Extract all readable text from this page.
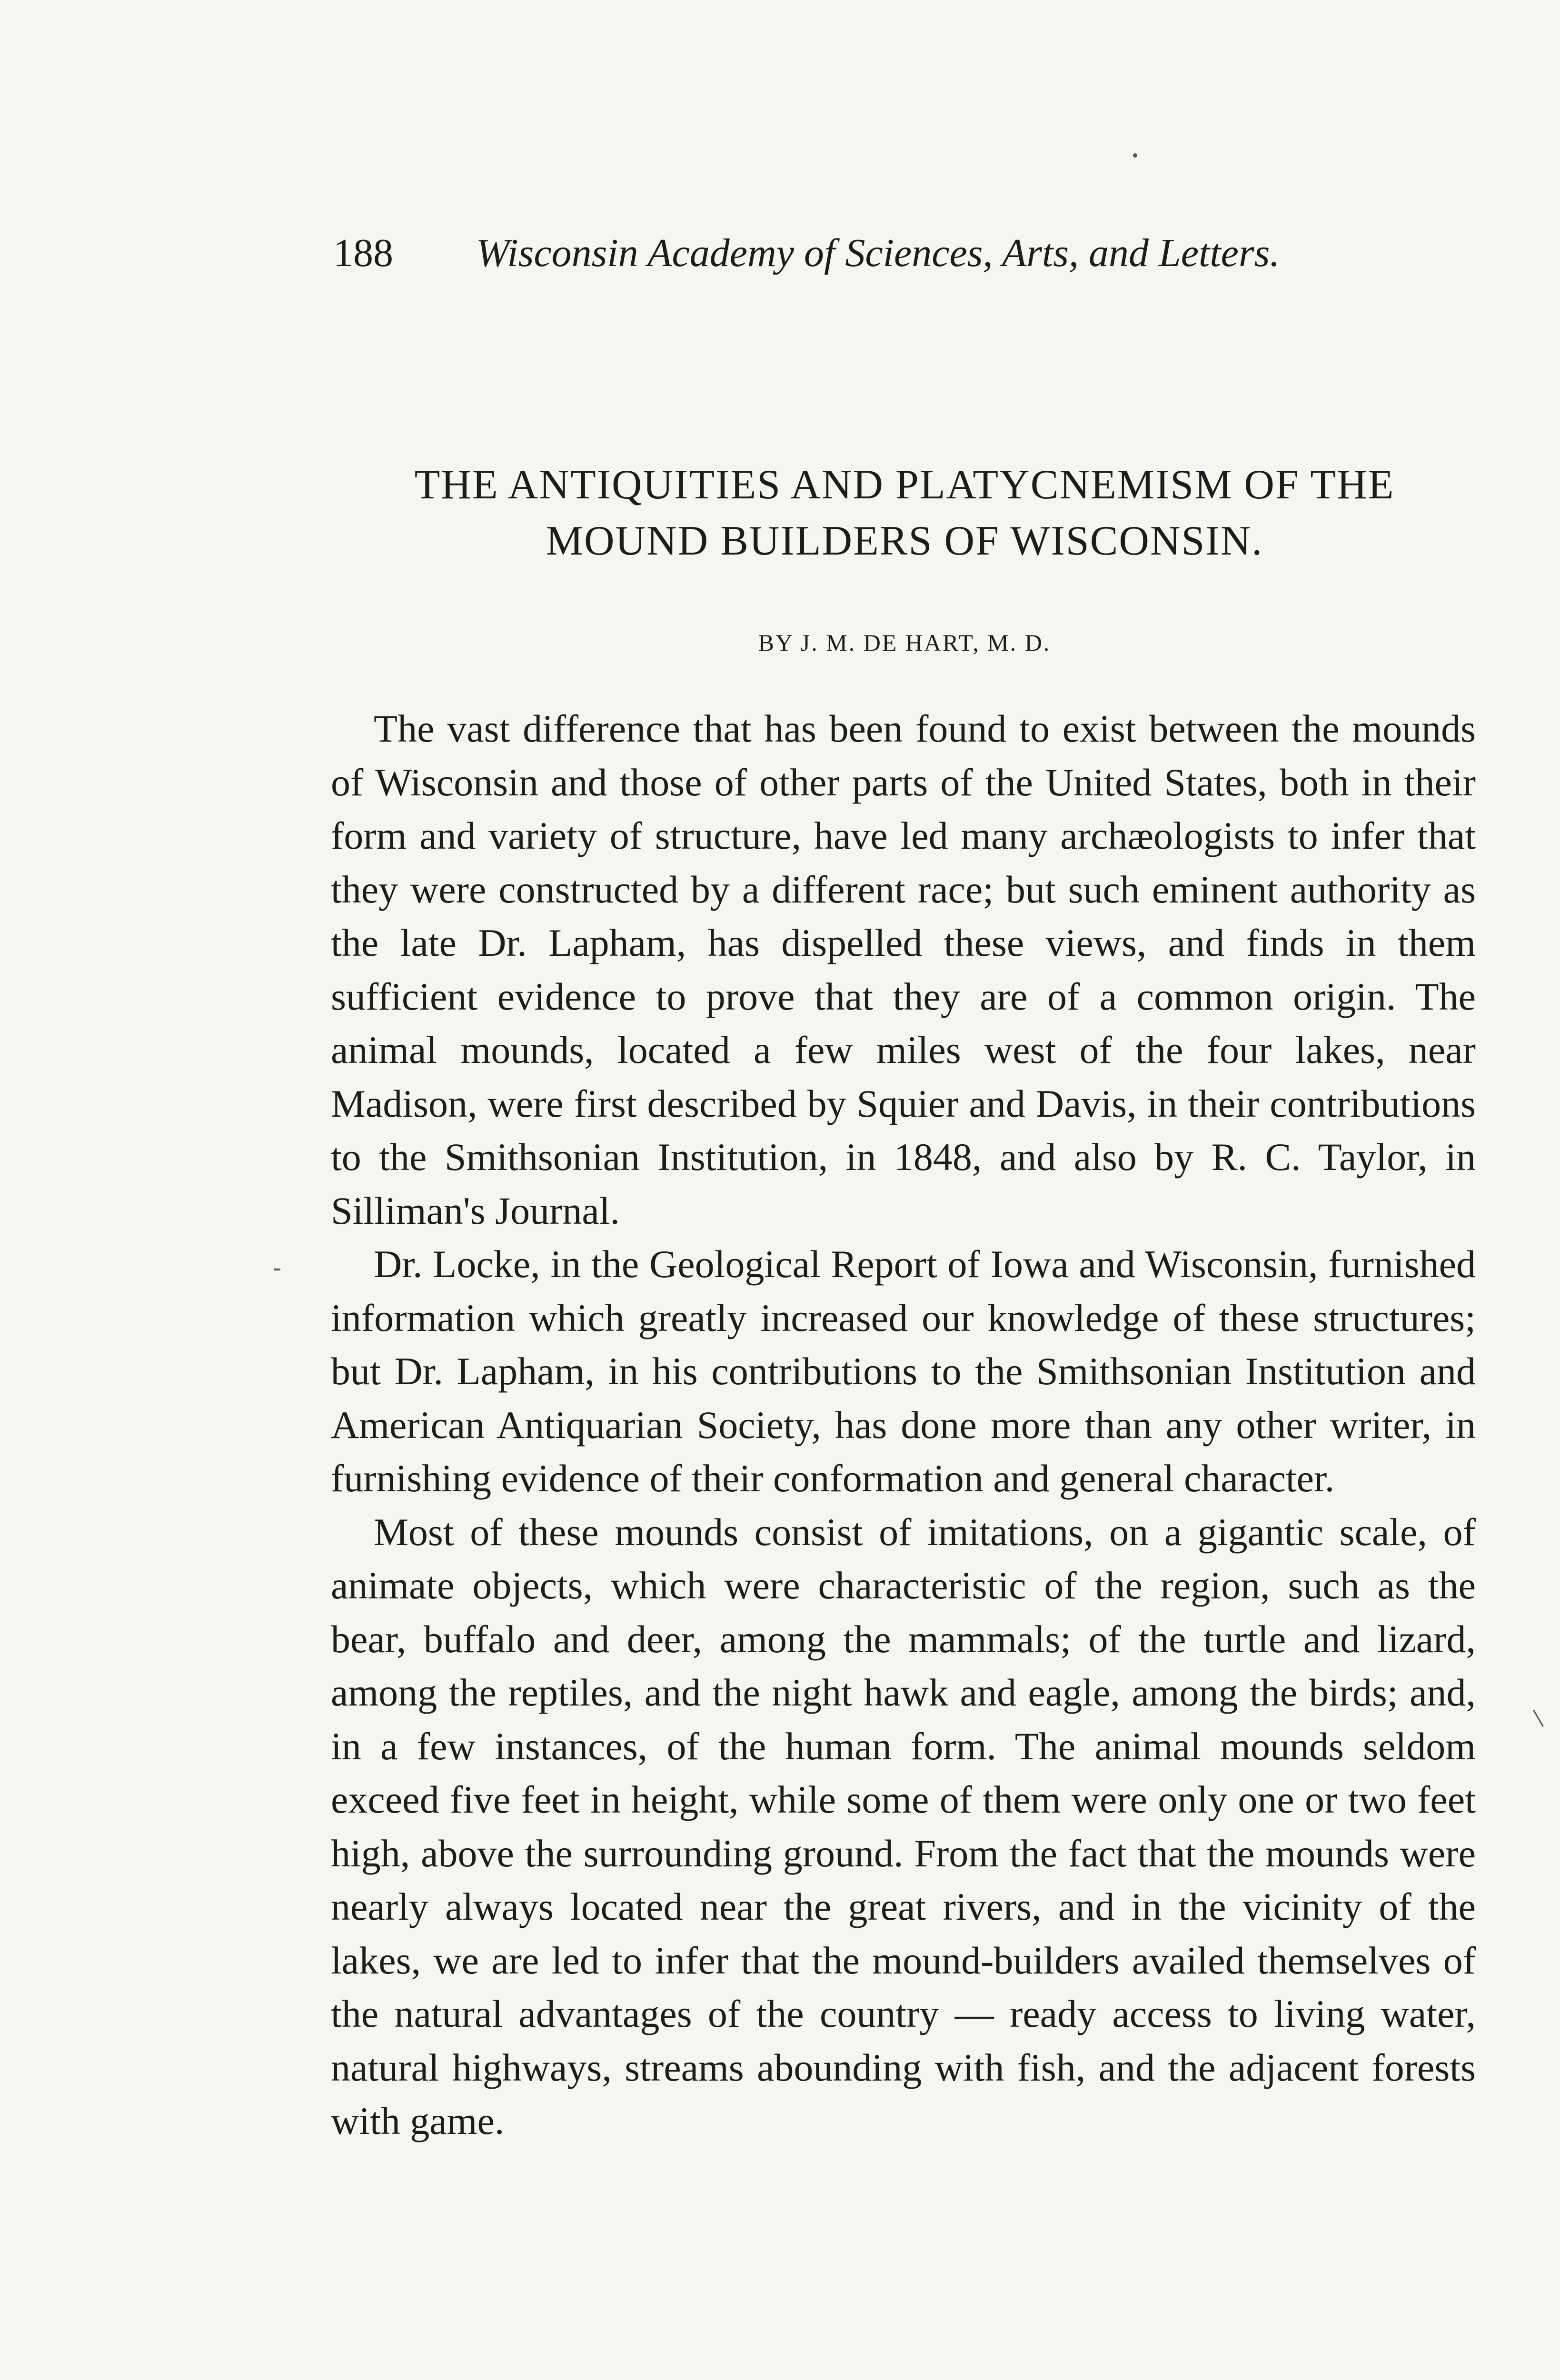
188 Wisconsin Academy of Sciences, Arts, and Letters.
THE ANTIQUITIES AND PLATYCNEMISM OF THE
MOUND BUILDERS OF WISCONSIN.
BY J. M. DE HART, M. D.

The vast difference that has been found to exist between the mounds of Wisconsin and those of other parts of the United States, both in their form and variety of structure, have led many archæologists to infer that they were constructed by a different race; but such eminent authority as the late Dr. Lapham, has dispelled these views, and finds in them sufficient evidence to prove that they are of a common origin. The animal mounds, located a few miles west of the four lakes, near Madison, were first described by Squier and Davis, in their contributions to the Smithsonian Institution, in 1848, and also by R. C. Taylor, in Silliman's Journal.

Dr. Locke, in the Geological Report of Iowa and Wisconsin, furnished information which greatly increased our knowledge of these structures; but Dr. Lapham, in his contributions to the Smithsonian Institution and American Antiquarian Society, has done more than any other writer, in furnishing evidence of their conformation and general character.

Most of these mounds consist of imitations, on a gigantic scale, of animate objects, which were characteristic of the region, such as the bear, buffalo and deer, among the mammals; of the turtle and lizard, among the reptiles, and the night hawk and eagle, among the birds; and, in a few instances, of the human form. The animal mounds seldom exceed five feet in height, while some of them were only one or two feet high, above the surrounding ground. From the fact that the mounds were nearly always located near the great rivers, and in the vicinity of the lakes, we are led to infer that the mound-builders availed themselves of the natural advantages of the country — ready access to living water, natural highways, streams abounding with fish, and the adjacent forests with game.
